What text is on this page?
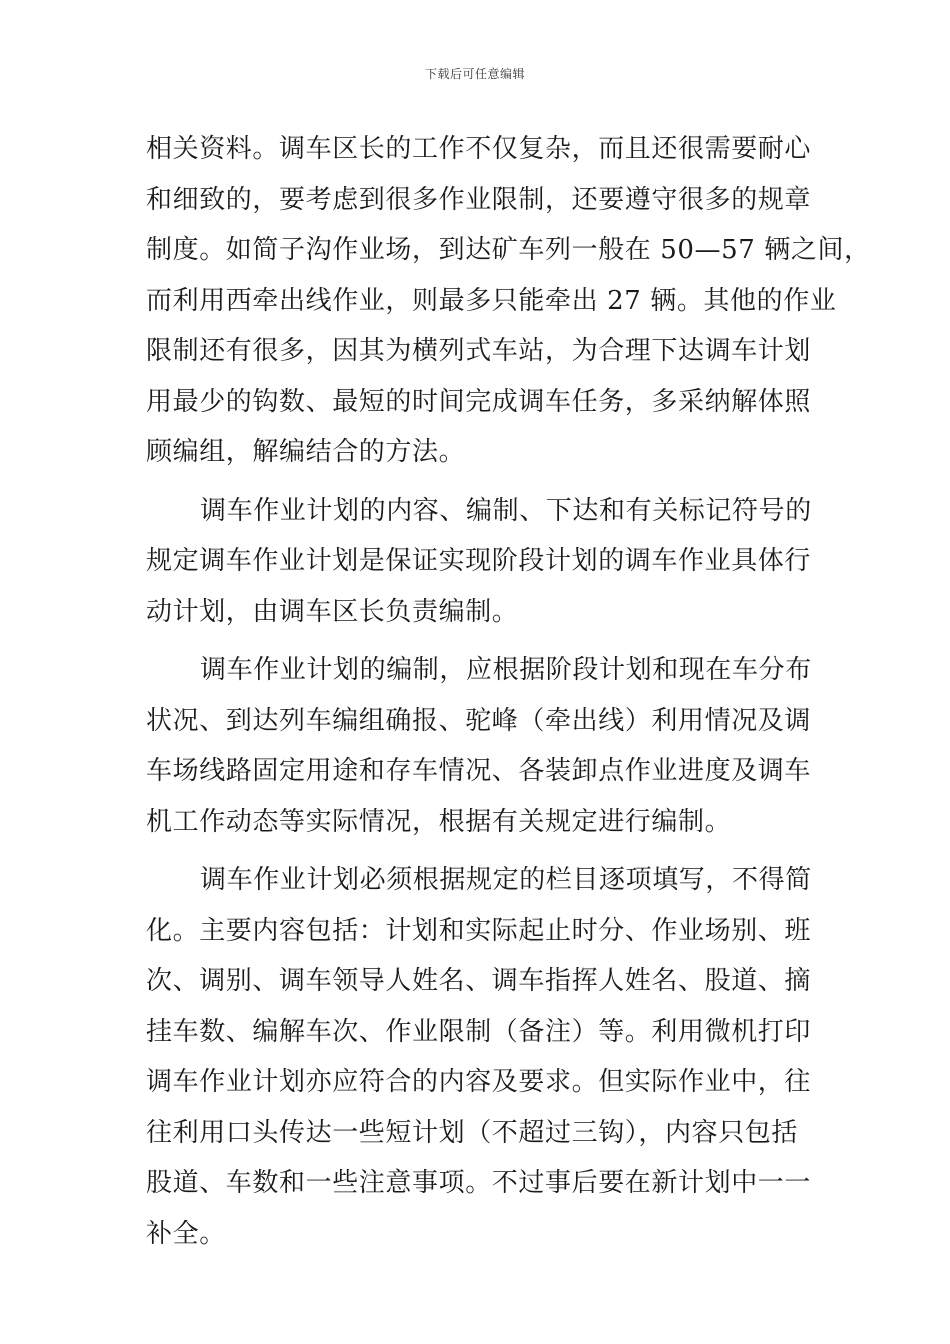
下载后可任意编辑
相关资料。调车区长的工作不仅复杂，而且还很需要耐心
和细致的，要考虑到很多作业限制，还要遵守很多的规章
制度。如简子沟作业场，到达矿车列一般在 50—57 辆之间，
而利用西牵出线作业，则最多只能牵出 27 辆。其他的作业
限制还有很多，因其为横列式车站，为合理下达调车计划
用最少的钩数、最短的时间完成调车任务，多采纳解体照
顾编组，解编结合的方法。
调车作业计划的内容、编制、下达和有关标记符号的
规定调车作业计划是保证实现阶段计划的调车作业具体行
动计划，由调车区长负责编制。
调车作业计划的编制，应根据阶段计划和现在车分布
状况、到达列车编组确报、驼峰（牵出线）利用情况及调
车场线路固定用途和存车情况、各装卸点作业进度及调车
机工作动态等实际情况，根据有关规定进行编制。
调车作业计划必须根据规定的栏目逐项填写，不得简
化。主要内容包括：计划和实际起止时分、作业场别、班
次、调别、调车领导人姓名、调车指挥人姓名、股道、摘
挂车数、编解车次、作业限制（备注）等。利用微机打印
调车作业计划亦应符合的内容及要求。但实际作业中，往
往利用口头传达一些短计划（不超过三钩），内容只包括
股道、车数和一些注意事项。不过事后要在新计划中一一
补全。
